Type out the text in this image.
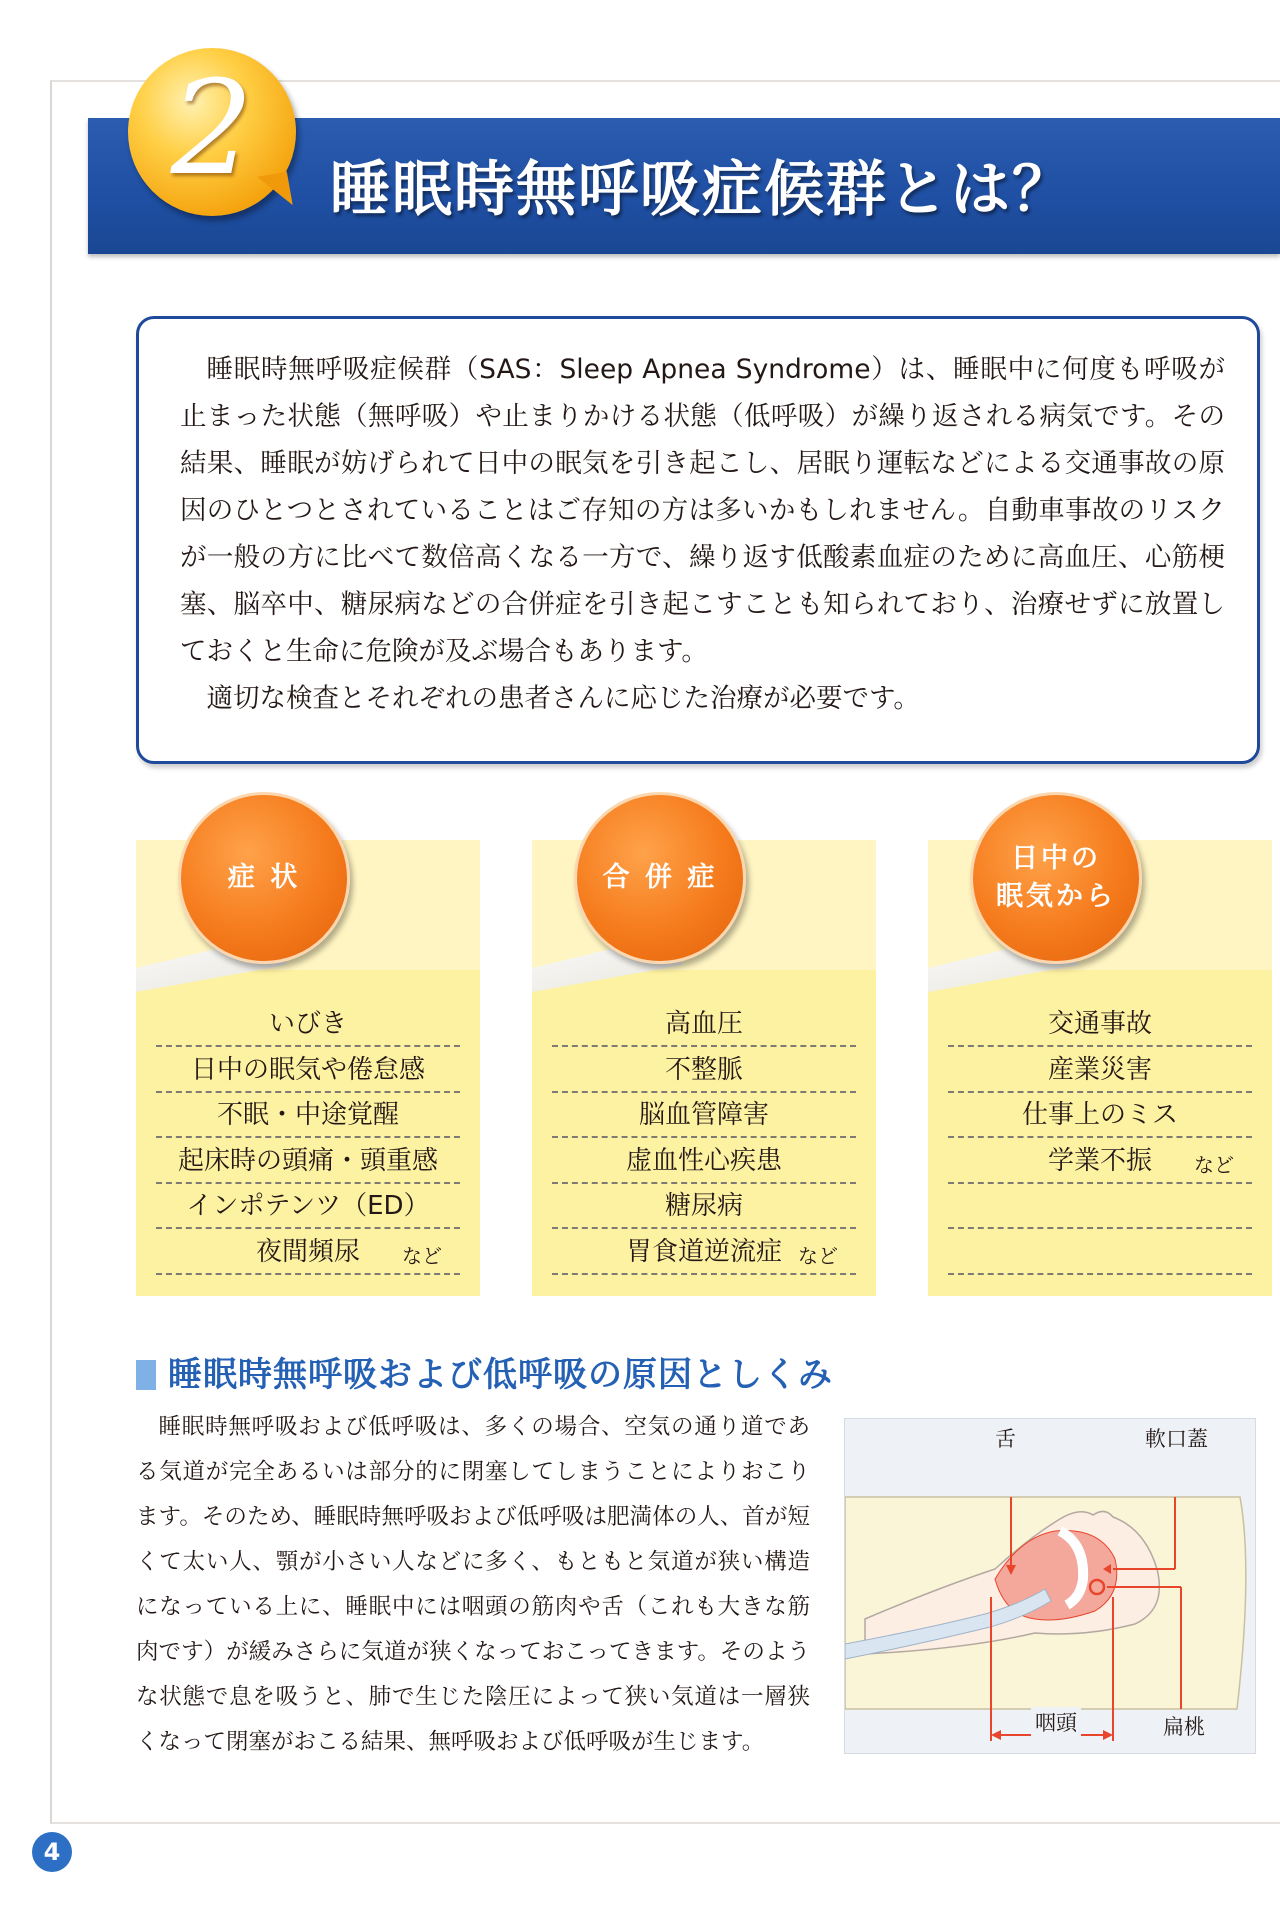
2	睡眠時無呼吸症候群とは？

睡眠時無呼吸症候群（SAS：Sleep Apnea Syndrome）は、睡眠中に何度も呼吸が止まった状態（無呼吸）や止まりかける状態（低呼吸）が繰り返される病気です。その結果、睡眠が妨げられて日中の眠気を引き起こし、居眠り運転などによる交通事故の原因のひとつとされていることはご存知の方は多いかもしれません。自動車事故のリスクが一般の方に比べて数倍高くなる一方で、繰り返す低酸素血症のために高血圧、心筋梗塞、脳卒中、糖尿病などの合併症を引き起こすことも知られており、治療せずに放置しておくと生命に危険が及ぶ場合もあります。

適切な検査とそれぞれの患者さんに応じた治療が必要です。

症 状
いびき
日中の眠気や倦怠感
不眠・中途覚醒
起床時の頭痛・頭重感
インポテンツ（ED）
夜間頻尿 など
合 併 症
高血圧
不整脈
脳血管障害
虚血性心疾患
糖尿病
胃食道逆流症 など
日中の
眠気から
交通事故
産業災害
仕事上のミス
学業不振 など
睡眠時無呼吸および低呼吸の原因としくみ

睡眠時無呼吸および低呼吸は、多くの場合、空気の通り道である気道が完全あるいは部分的に閉塞してしまうことによりおこります。そのため、睡眠時無呼吸および低呼吸は肥満体の人、首が短くて太い人、顎が小さい人などに多く、もともと気道が狭い構造になっている上に、睡眠中には咽頭の筋肉や舌（これも大きな筋肉です）が緩みさらに気道が狭くなっておこってきます。そのような状態で息を吸うと、肺で生じた陰圧によって狭い気道は一層狭くなって閉塞がおこる結果、無呼吸および低呼吸が生じます。

舌	軟口蓋
咽頭	扁桃
4
